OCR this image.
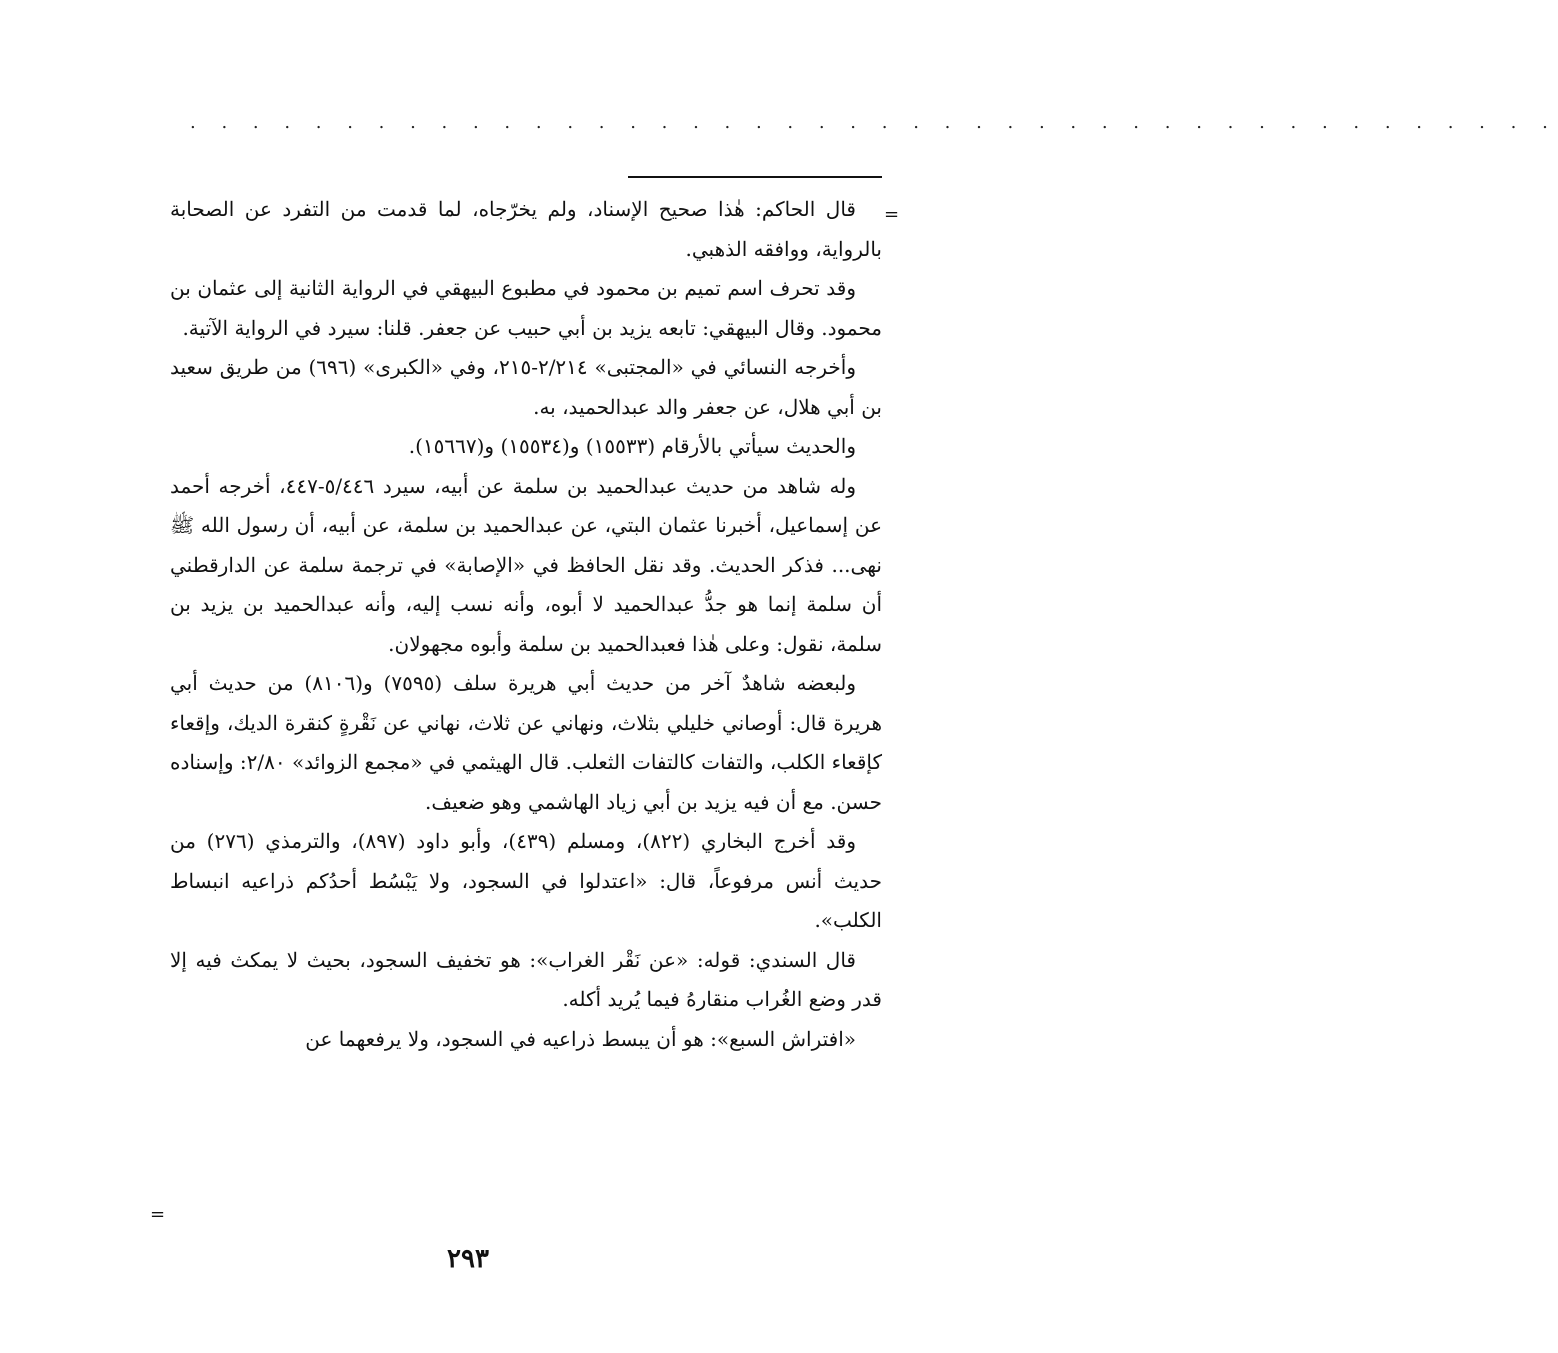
. . . . . . . . . . . . . . . . . . . . . . . . . . . . . . . . . . . . . . . . . . . .
=

قال الحاكم: هٰذا صحيح الإسناد، ولم يخرّجاه، لما قدمت من التفرد عن الصحابة بالرواية، ووافقه الذهبي.

وقد تحرف اسم تميم بن محمود في مطبوع البيهقي في الرواية الثانية إلى عثمان بن محمود. وقال البيهقي: تابعه يزيد بن أبي حبيب عن جعفر. قلنا: سيرد في الرواية الآتية.

وأخرجه النسائي في «المجتبى» ٢/٢١٤-٢١٥، وفي «الكبرى» (٦٩٦) من طريق سعيد بن أبي هلال، عن جعفر والد عبدالحميد، به.

والحديث سيأتي بالأرقام (١٥٥٣٣) و(١٥٥٣٤) و(١٥٦٦٧).

وله شاهد من حديث عبدالحميد بن سلمة عن أبيه، سيرد ٥/٤٤٦-٤٤٧، أخرجه أحمد عن إسماعيل، أخبرنا عثمان البتي، عن عبدالحميد بن سلمة، عن أبيه، أن رسول الله ﷺ نهى... فذكر الحديث. وقد نقل الحافظ في «الإصابة» في ترجمة سلمة عن الدارقطني أن سلمة إنما هو جدُّ عبدالحميد لا أبوه، وأنه نسب إليه، وأنه عبدالحميد بن يزيد بن سلمة، نقول: وعلى هٰذا فعبدالحميد بن سلمة وأبوه مجهولان.

ولبعضه شاهدٌ آخر من حديث أبي هريرة سلف (٧٥٩٥) و(٨١٠٦) من حديث أبي هريرة قال: أوصاني خليلي بثلاث، ونهاني عن ثلاث، نهاني عن نَقْرةٍ كنقرة الديك، وإقعاء كإقعاء الكلب، والتفات كالتفات الثعلب. قال الهيثمي في «مجمع الزوائد» ٢/٨٠: وإسناده حسن. مع أن فيه يزيد بن أبي زياد الهاشمي وهو ضعيف.

وقد أخرج البخاري (٨٢٢)، ومسلم (٤٣٩)، وأبو داود (٨٩٧)، والترمذي (٢٧٦) من حديث أنس مرفوعاً، قال: «اعتدلوا في السجود، ولا يَبْسُط أحدُكم ذراعيه انبساط الكلب».

قال السندي: قوله: «عن نَقْر الغراب»: هو تخفيف السجود، بحيث لا يمكث فيه إلا قدر وضع الغُراب منقارهُ فيما يُريد أكله.

«افتراش السبع»: هو أن يبسط ذراعيه في السجود، ولا يرفعهما عن

=
٢٩٣
